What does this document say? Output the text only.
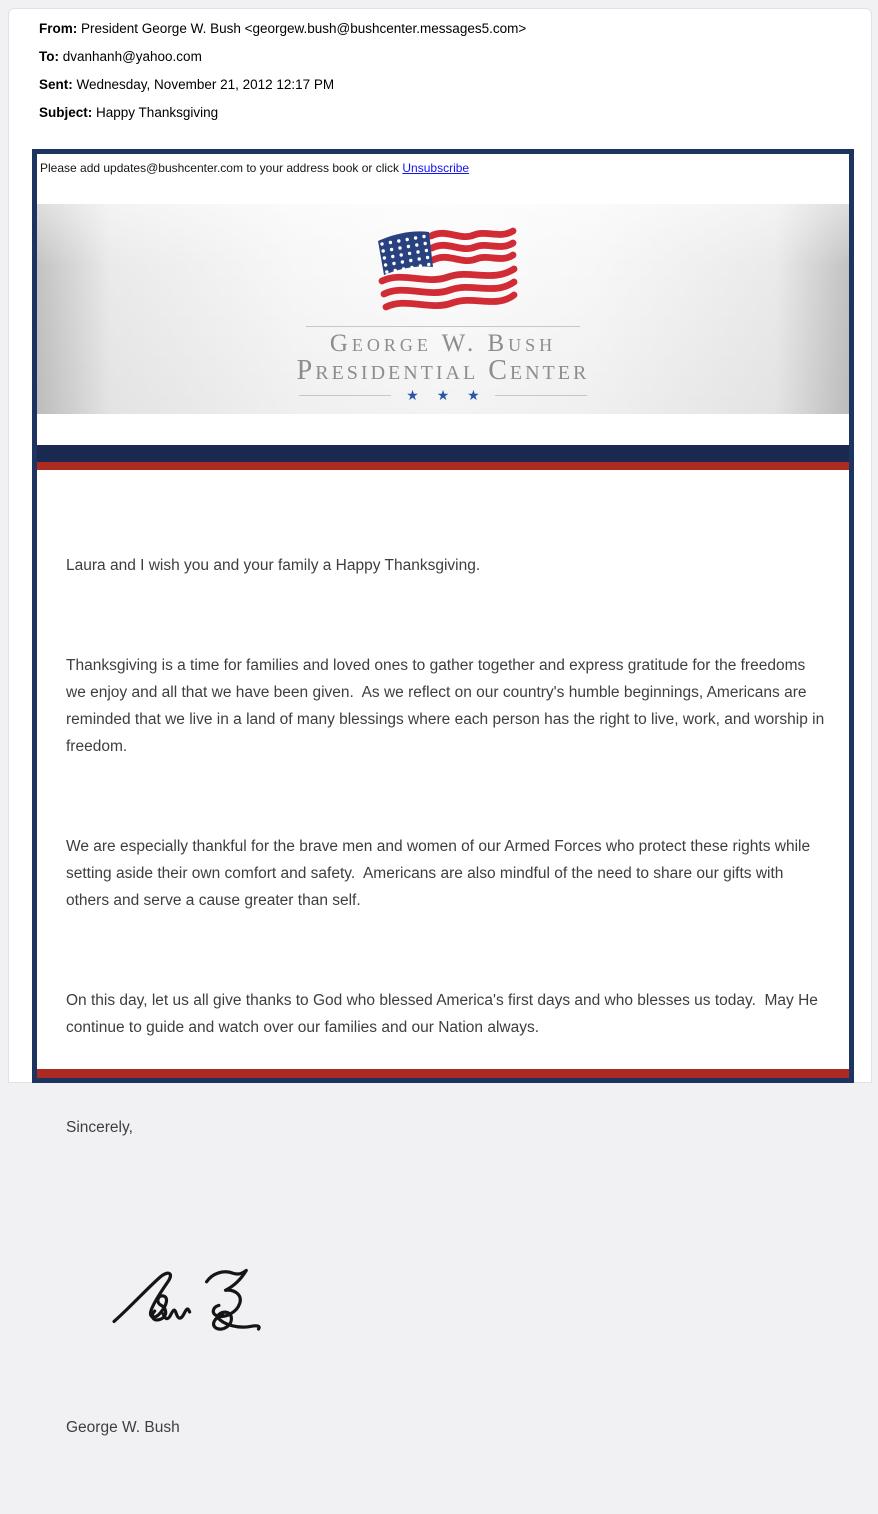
From: President George W. Bush <georgew.bush@bushcenter.messages5.com>
To: dvanhanh@yahoo.com
Sent: Wednesday, November 21, 2012 12:17 PM
Subject: Happy Thanksgiving
Please add updates@bushcenter.com to your address book or click Unsubscribe
George W. Bush
Presidential Center
★ ★ ★

Laura and I wish you and your family a Happy Thanksgiving.

Thanksgiving is a time for families and loved ones to gather together and express gratitude for the freedoms we enjoy and all that we have been given.  As we reflect on our country's humble beginnings, Americans are reminded that we live in a land of many blessings where each person has the right to live, work, and worship in freedom.

We are especially thankful for the brave men and women of our Armed Forces who protect these rights while setting aside their own comfort and safety.  Americans are also mindful of the need to share our gifts with others and serve a cause greater than self.

On this day, let us all give thanks to God who blessed America's first days and who blesses us today.  May He continue to guide and watch over our families and our Nation always.

Sincerely,

George W. Bush
